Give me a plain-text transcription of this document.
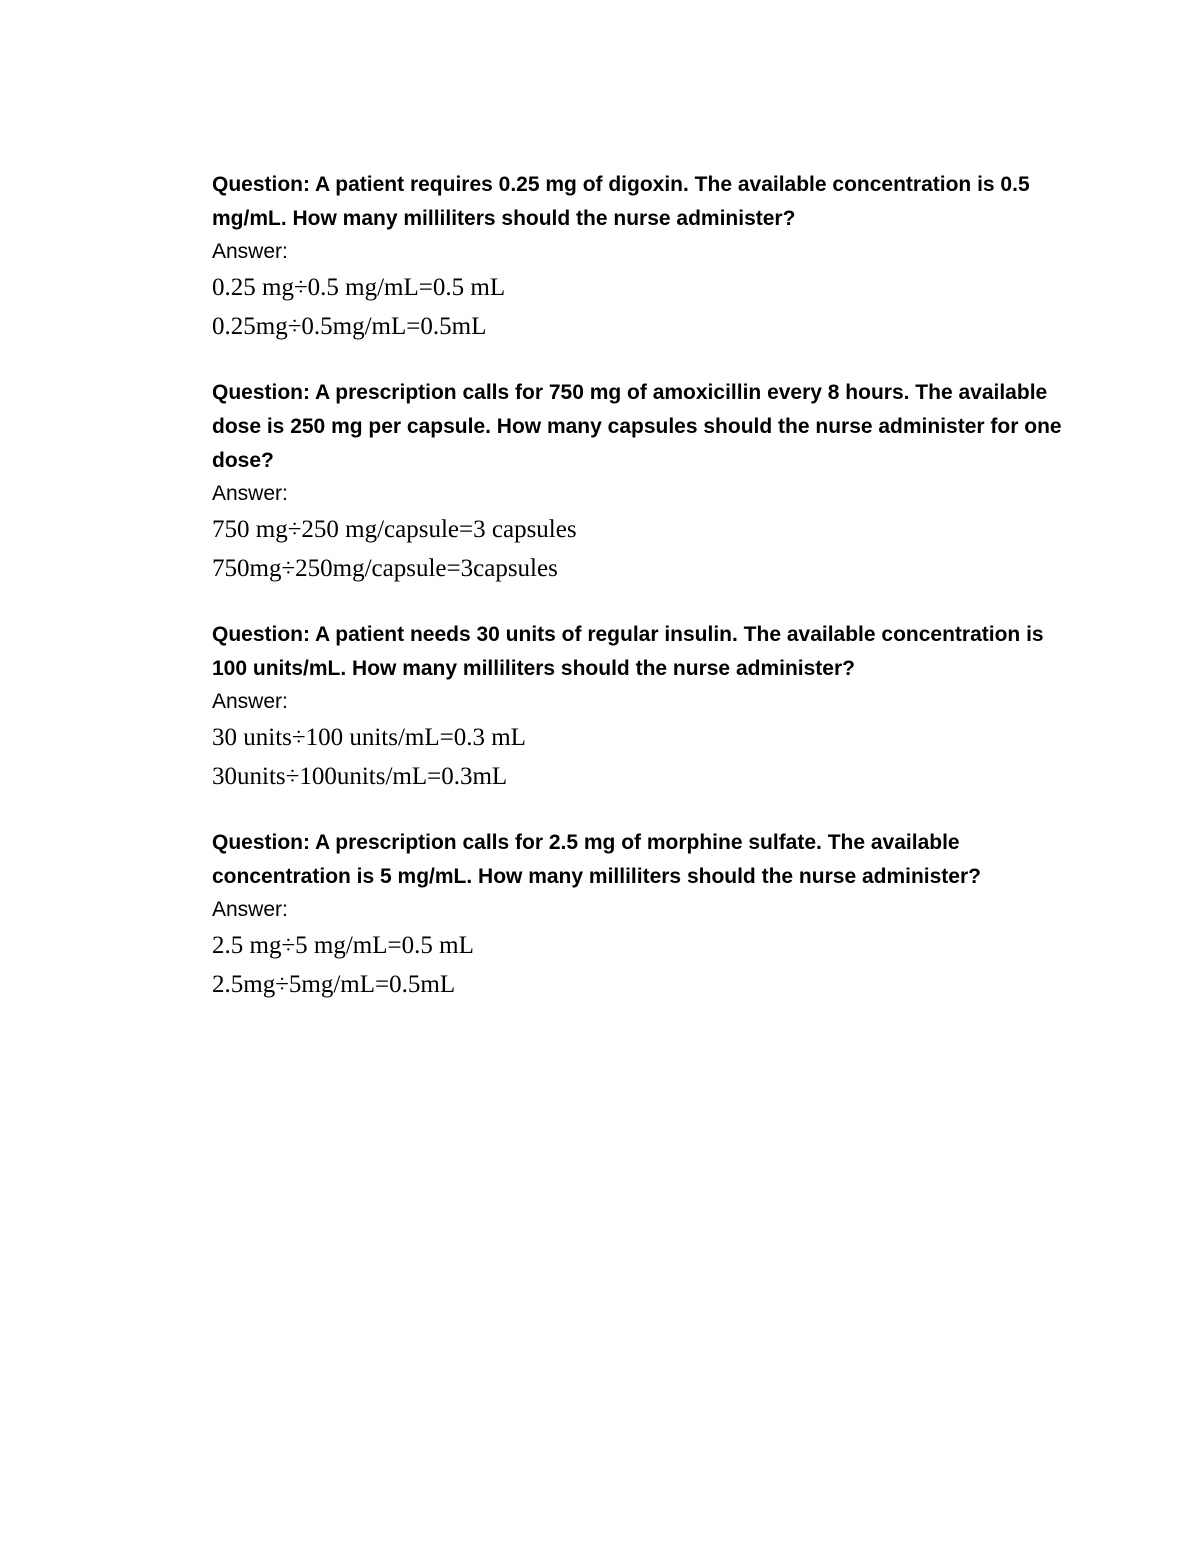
Question: A patient requires 0.25 mg of digoxin. The available concentration is 0.5 mg/mL. How many milliliters should the nurse administer?

Answer:

0.25 mg÷0.5 mg/mL=0.5 mL

0.25mg÷0.5mg/mL=0.5mL

Question: A prescription calls for 750 mg of amoxicillin every 8 hours. The available dose is 250 mg per capsule. How many capsules should the nurse administer for one dose?

Answer:

750 mg÷250 mg/capsule=3 capsules

750mg÷250mg/capsule=3capsules

Question: A patient needs 30 units of regular insulin. The available concentration is 100 units/mL. How many milliliters should the nurse administer?

Answer:

30 units÷100 units/mL=0.3 mL

30units÷100units/mL=0.3mL

Question: A prescription calls for 2.5 mg of morphine sulfate. The available concentration is 5 mg/mL. How many milliliters should the nurse administer?

Answer:

2.5 mg÷5 mg/mL=0.5 mL

2.5mg÷5mg/mL=0.5mL
